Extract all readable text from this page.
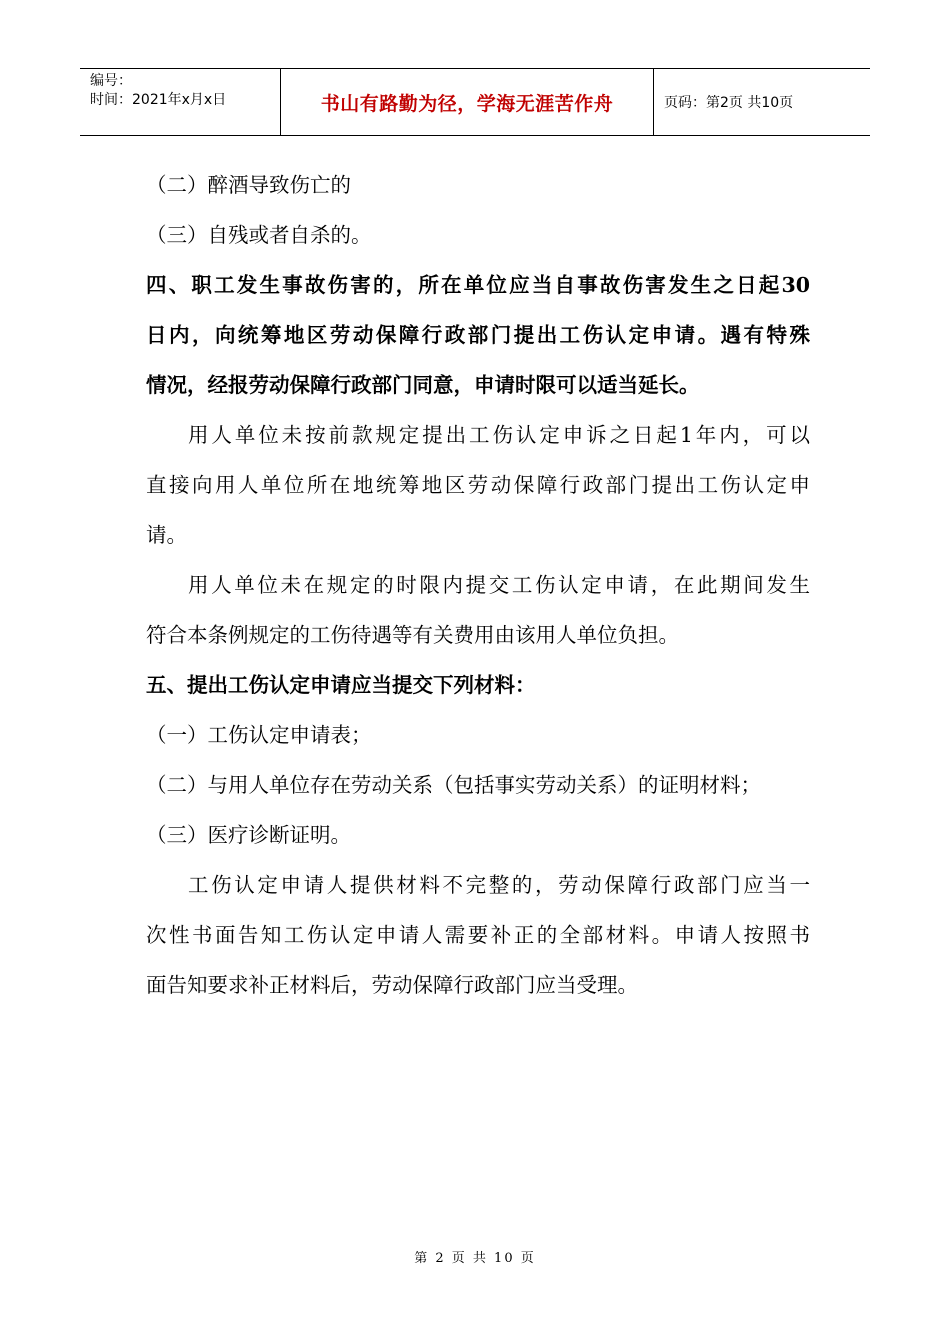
编号：
时间：2021年x月x日	书山有路勤为径，学海无涯苦作舟	页码：第2页 共10页
（二）醉酒导致伤亡的
（三）自残或者自杀的。
四、职工发生事故伤害的，所在单位应当自事故伤害发生之日起30
日内，向统筹地区劳动保障行政部门提出工伤认定申请。遇有特殊
情况，经报劳动保障行政部门同意，申请时限可以适当延长。
用人单位未按前款规定提出工伤认定申诉之日起1年内，可以
直接向用人单位所在地统筹地区劳动保障行政部门提出工伤认定申
请。
用人单位未在规定的时限内提交工伤认定申请，在此期间发生
符合本条例规定的工伤待遇等有关费用由该用人单位负担。
五、提出工伤认定申请应当提交下列材料：
（一）工伤认定申请表；
（二）与用人单位存在劳动关系（包括事实劳动关系）的证明材料；
（三）医疗诊断证明。
工伤认定申请人提供材料不完整的，劳动保障行政部门应当一
次性书面告知工伤认定申请人需要补正的全部材料。申请人按照书
面告知要求补正材料后，劳动保障行政部门应当受理。
第 2 页 共 10 页
